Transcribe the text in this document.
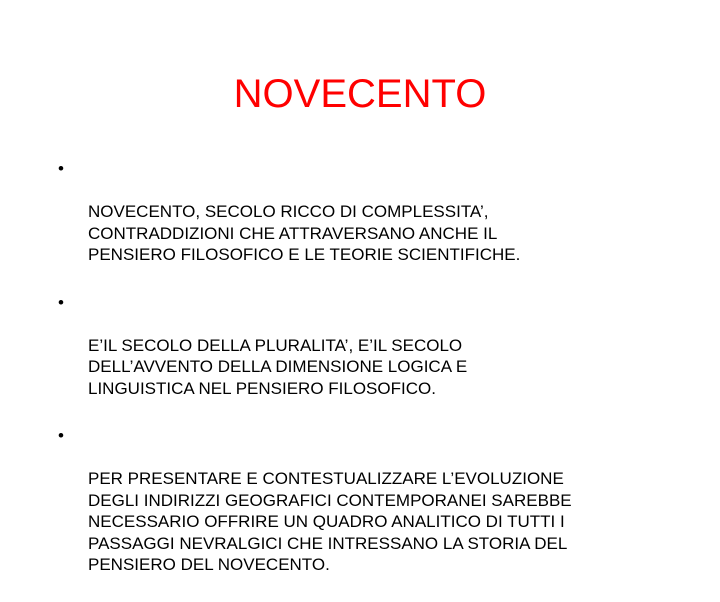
NOVECENTO

•

NOVECENTO, SECOLO RICCO DI COMPLESSITA’,
CONTRADDIZIONI CHE ATTRAVERSANO ANCHE IL
PENSIERO FILOSOFICO E LE TEORIE SCIENTIFICHE.

•

E’IL SECOLO DELLA PLURALITA’, E’IL SECOLO
DELL’AVVENTO DELLA DIMENSIONE LOGICA E
LINGUISTICA NEL PENSIERO FILOSOFICO.

•

PER PRESENTARE E CONTESTUALIZZARE L’EVOLUZIONE
DEGLI INDIRIZZI GEOGRAFICI CONTEMPORANEI SAREBBE
NECESSARIO OFFRIRE UN QUADRO ANALITICO DI TUTTI I
PASSAGGI NEVRALGICI CHE INTRESSANO LA STORIA DEL
PENSIERO DEL NOVECENTO.
